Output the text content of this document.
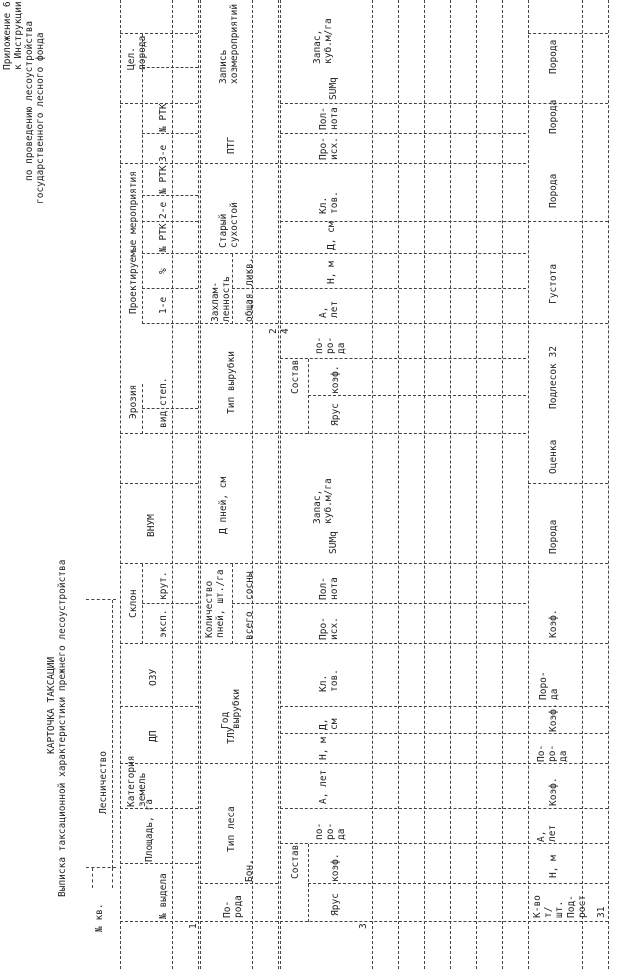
Приложение 6 к Инструкции по проведению лесоустройства государственного лесного фонда
КАРТОЧКА ТАКСАЦИИ Выписка таксационной характеристики прежнего лесоустройства
№ кв.
Лесничество
№ выдела
Площадь, га
Категория земель
ДП
ОЗУ
Склон
эксп.
крут.
ВНУМ
Эрозия
вид
степ.
Проектируемые мероприятия 1-е
%
№ РТК
2-е
№ РТК
3-е
№ РТК
Цел. порода
1
По- рода
Бон.
Тип леса
ТЛУ
Год вырубки
Количество пней, шт./га всего
сосны
Д пней, см
Тип вырубки
Захлам- ленность общая
ликв.
Старый сухостой
ПТГ
Запись хозмероприятий
2
Ярус
Состав	коэф.
по- ро- да
А, лет
Н, м
Д, см
Кл. тов.
Про- исх.
Пол- нота
SUMq
Запас, куб.м/га
Ярус
Состав	коэф.
по- ро- да
А, лет
Н, м
Д, см
Кл. тов.
Про- исх.
Пол- нота
SUMq
Запас, куб.м/га
3
4
Под- рост
К-во т/ шт.
Н, м
А, лет
Коэф.
По- ро- да
Коэф.
Поро- да
Коэф.
Порода
Оценка
Подлесок 32
Густота
Порода
Порода
Порода
31
